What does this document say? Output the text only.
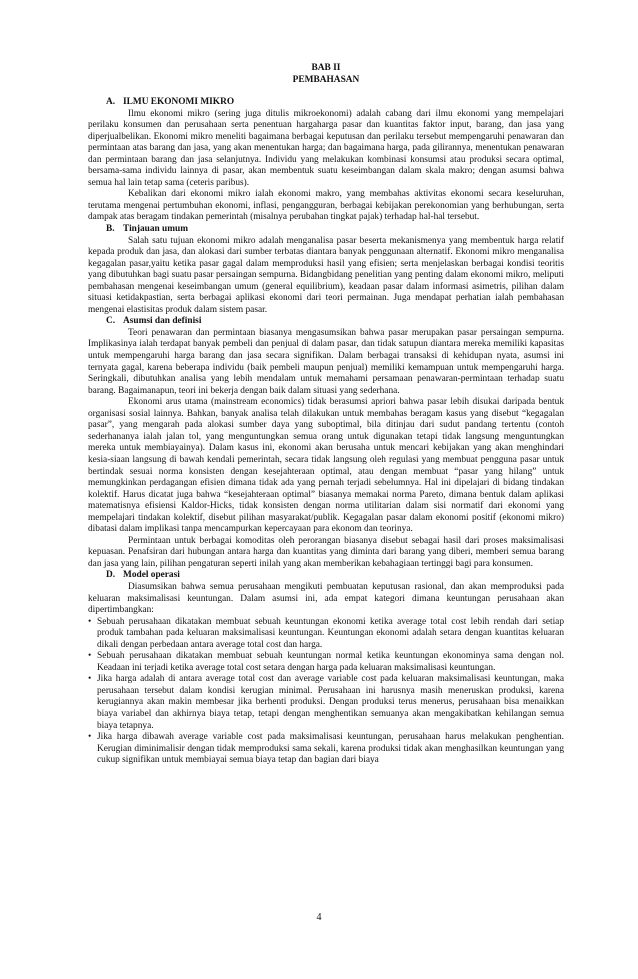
BAB II
PEMBAHASAN
A. ILMU EKONOMI MIKRO

Ilmu ekonomi mikro (sering juga ditulis mikroekonomi) adalah cabang dari ilmu ekonomi yang mempelajari perilaku konsumen dan perusahaan serta penentuan hargaharga pasar dan kuantitas faktor input, barang, dan jasa yang diperjualbelikan. Ekonomi mikro meneliti bagaimana berbagai keputusan dan perilaku tersebut mempengaruhi penawaran dan permintaan atas barang dan jasa, yang akan menentukan harga; dan bagaimana harga, pada gilirannya, menentukan penawaran dan permintaan barang dan jasa selanjutnya. Individu yang melakukan kombinasi konsumsi atau produksi secara optimal, bersama-sama individu lainnya di pasar, akan membentuk suatu keseimbangan dalam skala makro; dengan asumsi bahwa semua hal lain tetap sama (ceteris paribus).

Kebalikan dari ekonomi mikro ialah ekonomi makro, yang membahas aktivitas ekonomi secara keseluruhan, terutama mengenai pertumbuhan ekonomi, inflasi, pengangguran, berbagai kebijakan perekonomian yang berhubungan, serta dampak atas beragam tindakan pemerintah (misalnya perubahan tingkat pajak) terhadap hal-hal tersebut.

B. Tinjauan umum

Salah satu tujuan ekonomi mikro adalah menganalisa pasar beserta mekanismenya yang membentuk harga relatif kepada produk dan jasa, dan alokasi dari sumber terbatas diantara banyak penggunaan alternatif. Ekonomi mikro menganalisa kegagalan pasar,yaitu ketika pasar gagal dalam memproduksi hasil yang efisien; serta menjelaskan berbagai kondisi teoritis yang dibutuhkan bagi suatu pasar persaingan sempurna. Bidangbidang penelitian yang penting dalam ekonomi mikro, meliputi pembahasan mengenai keseimbangan umum (general equilibrium), keadaan pasar dalam informasi asimetris, pilihan dalam situasi ketidakpastian, serta berbagai aplikasi ekonomi dari teori permainan. Juga mendapat perhatian ialah pembahasan mengenai elastisitas produk dalam sistem pasar.

C. Asumsi dan definisi

Teori penawaran dan permintaan biasanya mengasumsikan bahwa pasar merupakan pasar persaingan sempurna. Implikasinya ialah terdapat banyak pembeli dan penjual di dalam pasar, dan tidak satupun diantara mereka memiliki kapasitas untuk mempengaruhi harga barang dan jasa secara signifikan. Dalam berbagai transaksi di kehidupan nyata, asumsi ini ternyata gagal, karena beberapa individu (baik pembeli maupun penjual) memiliki kemampuan untuk mempengaruhi harga. Seringkali, dibutuhkan analisa yang lebih mendalam untuk memahami persamaan penawaran-permintaan terhadap suatu barang. Bagaimanapun, teori ini bekerja dengan baik dalam situasi yang sederhana.

Ekonomi arus utama (mainstream economics) tidak berasumsi apriori bahwa pasar lebih disukai daripada bentuk organisasi sosial lainnya. Bahkan, banyak analisa telah dilakukan untuk membahas beragam kasus yang disebut “kegagalan pasar”, yang mengarah pada alokasi sumber daya yang suboptimal, bila ditinjau dari sudut pandang tertentu (contoh sederhananya ialah jalan tol, yang menguntungkan semua orang untuk digunakan tetapi tidak langsung menguntungkan mereka untuk membiayainya). Dalam kasus ini, ekonomi akan berusaha untuk mencari kebijakan yang akan menghindari kesia-siaan langsung di bawah kendali pemerintah, secara tidak langsung oleh regulasi yang membuat pengguna pasar untuk bertindak sesuai norma konsisten dengan kesejahteraan optimal, atau dengan membuat “pasar yang hilang” untuk memungkinkan perdagangan efisien dimana tidak ada yang pernah terjadi sebelumnya. Hal ini dipelajari di bidang tindakan kolektif. Harus dicatat juga bahwa “kesejahteraan optimal” biasanya memakai norma Pareto, dimana bentuk dalam aplikasi matematisnya efisiensi Kaldor-Hicks, tidak konsisten dengan norma utilitarian dalam sisi normatif dari ekonomi yang mempelajari tindakan kolektif, disebut pilihan masyarakat/publik. Kegagalan pasar dalam ekonomi positif (ekonomi mikro) dibatasi dalam implikasi tanpa mencampurkan kepercayaan para ekonom dan teorinya.

Permintaan untuk berbagai komoditas oleh perorangan biasanya disebut sebagai hasil dari proses maksimalisasi kepuasan. Penafsiran dari hubungan antara harga dan kuantitas yang diminta dari barang yang diberi, memberi semua barang dan jasa yang lain, pilihan pengaturan seperti inilah yang akan memberikan kebahagiaan tertinggi bagi para konsumen.

D. Model operasi

Diasumsikan bahwa semua perusahaan mengikuti pembuatan keputusan rasional, dan akan memproduksi pada keluaran maksimalisasi keuntungan. Dalam asumsi ini, ada empat kategori dimana keuntungan perusahaan akan dipertimbangkan:

• Sebuah perusahaan dikatakan membuat sebuah keuntungan ekonomi ketika average total cost lebih rendah dari setiap produk tambahan pada keluaran maksimalisasi keuntungan. Keuntungan ekonomi adalah setara dengan kuantitas keluaran dikali dengan perbedaan antara average total cost dan harga.
• Sebuah perusahaan dikatakan membuat sebuah keuntungan normal ketika keuntungan ekonominya sama dengan nol. Keadaan ini terjadi ketika average total cost setara dengan harga pada keluaran maksimalisasi keuntungan.
• Jika harga adalah di antara average total cost dan average variable cost pada keluaran maksimalisasi keuntungan, maka perusahaan tersebut dalam kondisi kerugian minimal. Perusahaan ini harusnya masih meneruskan produksi, karena kerugiannya akan makin membesar jika berhenti produksi. Dengan produksi terus menerus, perusahaan bisa menaikkan biaya variabel dan akhirnya biaya tetap, tetapi dengan menghentikan semuanya akan mengakibatkan kehilangan semua biaya tetapnya.
• Jika harga dibawah average variable cost pada maksimalisasi keuntungan, perusahaan harus melakukan penghentian. Kerugian diminimalisir dengan tidak memproduksi sama sekali, karena produksi tidak akan menghasilkan keuntungan yang cukup signifikan untuk membiayai semua biaya tetap dan bagian dari biaya
4
